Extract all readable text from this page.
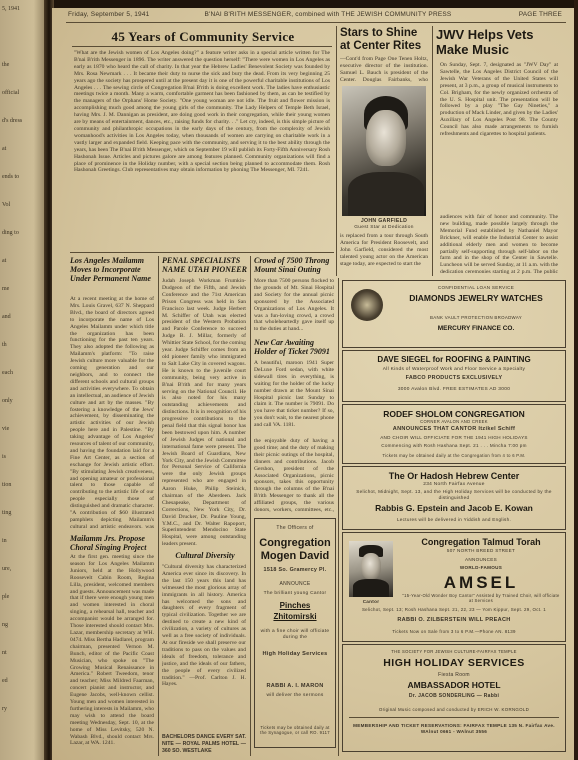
5, 1941
the
official
d's dress
at
ends to
Vol
ding to
at
me
and
th
each
only
vie
is
tion
ting
in
ure,
ple
ng
nt
ed
ry
Friday, September 5, 1941	B'NAI B'RITH MESSENGER, combined with THE JEWISH COMMUNITY PRESS	PAGE THREE
45 Years of Community Service
"What are the Jewish women of Los Angeles doing?" a feature writer asks in a special article written for The B'nai B'rith Messenger in 1896. The writer answered the question herself: "There were women in Los Angeles as early as 1870 who heard the call of charity. In that year the Hebrew Ladies' Benevolent Society was founded by Mrs. Rosa Newmark . . . It became their duty to nurse the sick and bury the dead. From its very beginning 25 years ago the society has prospered until at the present day it is one of the powerful charitable institutions of Los Angeles . . . The sewing circle of Congregation B'nai B'rith is doing excellent work. The ladies have enthusiastic meetings twice a month. Many a warm, comfortable garment has been fashioned by them, as can be testified by the managers of the Orphans' Home Society. "One young woman are not idle. The fruit and flower mission is accomplishing much good among the young girls of the community. The Lady Helpers of Temple Beth Israel, having Mrs. J. M. Dannigan as president, are doing good work in their congregation, while their young women are by means of entertainment, dances, etc., raising funds for charity. . ." Let cry, indeed, is this simple picture of community and philanthropic occupations in the early days of the century, from the complexity of Jewish womanhood's activities in Los Angeles today, when thousands of women are carrying on charitable work in a vastly larger and expanded field. Keeping pace with the community, and serving it to the best ability through the years, has been The B'nai B'rith Messenger, which on September 19 will publish its Forty-Fifth Anniversary Rosh Hashonah Issue. Articles and pictures galore are among features planned. Community organizations will find a place of prominence in the Holiday number, with a special section being planned to accommodate them. Rosh Hashonah Greetings. Club representatives may obtain information by phoning The Messenger, MI. 7241.
Stars to Shine
at Center Rites
—Cont'd from Page One Tenen Holtz, executive director of the institution. Samuel L. Bauch is president of the Center. Douglas Fairbanks, who
JOHN GARFIELD
Guest Star at Dedication
is replaced from a tour through South America for President Roosevelt, and John Garfield, considered the most talented young actor on the American stage today, are expected to start the
JWV Helps Vets
Make Music
On Sunday, Sept. 7, designated as "JWV Day" at Sawtelle, the Los Angeles District Council of the Jewish War Veterans of the United States will present, at 3 p.m., a group of musical instruments to Col. Brigham, for the newly organized orchestra of the U. S. Hospital unit. The presentation will be followed by a play "The Gay Nineties," a production of Mack Linder, and given by the Ladies' Auxiliary of Los Angeles Post 98. The County Council has also made arrangements to furnish refreshments and cigarettes to hospital patients.
audiences with fair of honor and community. The new building, made possible largely through the Memorial Fund established by Nathaniel Mayor Brickner, will enable the Industrial Center to assist additional elderly men and women to become partially self-supporting through self-labor on the farm and in the shop of the Center in Sawtelle. Luncheon will be served Sunday, at 11 a.m. with the dedication ceremonies starting at 2 p.m. The public
Los Angeles Mailamm Moves to Incorporate Under Permanent Name
At a recent meeting at the home of Mrs. Louis Gravel, 637 N. Sheppard Blvd., the board of directors agreed to incorporate the name of Los Angeles Mailamm under which title the organization has been functioning for the past ten years. They also adopted the following as Mailamm's platform: "To raise Jewish culture more valuable for the coming generation and our neighbors, and to connect the different schools and cultural groups and activities everywhere. To obtain an intellectual, an audience of Jewish culture and art by the masses. "By fostering a knowledge of the Jews' achievement, by disseminating the artistic activities of our Jewish people here and in Palestine. "By taking advantage of Los Angeles' resources of talent of our community, and having the foundation laid for a Fine Art Center, as a section of exchange for Jewish artistic effort. "By stimulating Jewish creativeness, and opening amateur or professional talent to those capable of contributing to the artistic life of our people especially those of distinguished and dramatic character. "A contribution of $60 illustrated pamphlets depicting Mailamm's cultural and artistic endeavors, was
Mailamm Jrs. Propose Choral Singing Project
At the first gen. meeting since the season for Los Angeles Mailamm Juniors, held at the Hollywood Roosevelt Cabin Room, Regina Lilla, president, welcomed members and guests. Announcement was made that if there were enough young men and women interested in choral singing, a rehearsal hall, teacher and accompanist would be arranged for. Those interested should contact Mrs. Lazar, membership secretary at WH. 0474. Miss Bertha Hadlarel, program chairman, presented Vernon M. Bunch, editor of the Pacific Coast Musician, who spoke on "The Growing Musical Renaissance in America." Robert Tweedom, tenor and teacher; Miss Mildred Faarman, concert pianist and instructor, and Eugene Jacobs, well-known cellist. Young men and women interested in furthering interests in Mailamm, who may wish to attend the board meeting Wednesday, Sept. 10, at the home of Miss Levitsky, 520 N. Wabash Blvd., should contact Mrs. Lazar, at WA. 1241.
PENAL SPECIALISTS NAME UTAH PIONEER
Judah Joseph Workman Frumkin-Dudgeon of the Fifth, and Jewish Conference and the 71st American Prison Congress was held in San Francisco last week. Judge Herbert M. Schiffer of Utah was elected president of the Western Probation and Parole Conference to succeed Judge B. J. Millar, formerly of Whittier State School, for the coming year. Judge Schiffer comes from an old pioneer family who immigrated to Salt Lake City in covered wagons. He is known to the juvenile court community, being very active in B'nai B'rith and for many years serving on the National Council. He is also noted for his many outstanding achievements and distinctions. It is in recognition of his progressive contributions to the penal field that this signal honor has been bestowed upon him. A number of Jewish Judges of national and international fame were present. The Jewish Board of Guardians, New York City, and the Jewish Committee for Personal Service of California were the only Jewish groups represented who are engaged in
Aaron Huke, Philip Steinick, chairman of the Aberdeen. Jack Chesapeake, Department of Corrections, New York City, Dr. David Drucker, Dr. Pauline Young, Y.M.C., and Dr. Walter Rapoport, Superintendent Mendocino State Hospital, were among outstanding leaders present.
Cultural Diversity
"Cultural diversity has characterized America ever since its discovery. In the last 150 years this land has witnessed the most glorious array of immigrants in all history. America has welcomed the sons and daughters of every fragment of typical civilization. Together we are destined to create a new kind of civilization, a variety of cultures as well as a free society of individuals. At our fireside we shall preserve our traditions to pass on the values and ideals of freedom, tolerance and justice, and the ideals of our fathers, the people of every civilized tradition." —Prof. Carlton J. H. Hayes.
BACHELORS DANCE EVERY SAT. NITE — ROYAL PALMS HOTEL — 360 SO. WESTLAKE
Crowd of 7500 Throng Mount Sinai Outing
More than 7500 persons flocked to the grounds of Mt. Sinai Hospital and Society for the annual picnic sponsored by the Associated Organizations of Los Angeles. It was a fun-loving crowd, a crowd that wholeheartedly gave itself up to the duties at hand...
New Car Awaiting Holder of Ticket 79091
A beautiful, maroon 1941 Super DeLuxe Ford sedan, with white sidewall tires in everything, is waiting for the holder of the lucky number drawn at the Mount Sinai Hospital picnic last Sunday to claim it. The number is 79091. Do you have that ticket number? If so, you don't wait, to the nearest phone and call VA. 1181.
the enjoyable duty of having a good time; and the duty of making their picnic outings of the hospital, dinners and contributions. Jacob Gershon, president of the Associated Organizations, picnic sponsors, takes this opportunity through the columns of the B'nai B'rith Messenger to thank all the affiliated groups, the various donors, workers, committees, etc.,
The Officers of
Congregation
Mogen David
1518 So. Gramercy Pl.
ANNOUNCE
The brilliant young Cantor
Pinches
Zhitomirski
with a fine choir will officiate during the
High Holiday Services
RABBI A. I. MARON
will deliver the sermons
Tickets may be obtained daily at the Synagogue, or call RO. 9117
CONFIDENTIAL LOAN SERVICE
DIAMONDS JEWELRY WATCHES
BANK VAULT PROTECTION BROADWAY
MERCURY FINANCE CO.
DAVE SIEGEL for ROOFING & PAINTING
All Kinds of Waterproof Work and Floor Service a Specialty
FABCO PRODUCTS EXCLUSIVELY
3000 Avalon Blvd. FREE ESTIMATES AD 3000
RODEF SHOLOM CONGREGATION
CORNER AVALON AND CREEK
ANNOUNCES THAT CANTOR Itzikel Schiff
AND CHOIR WILL OFFICIATE FOR THE 1941 HIGH HOLIDAYS
Commencing with Rosh Hashana Sept. 21 . . . Mincha 7:00 pm
Tickets may be obtained daily at the Congregation from 4 to 6 P.M.
The Or Hadosh Hebrew Center
234 North Fairfax Avenue
Selichot, Midnight, Sept. 13, and the High Holiday Services will be conducted by the distinguished
Rabbis G. Epstein and Jacob E. Kowan
Lectures will be delivered in Yiddish and English.
Congregation Talmud Torah
507 NORTH BREED STREET
ANNOUNCES
WORLD-FAMOUS
AMSEL
Cantor
"15-Year-Old Wonder Boy Cantor" Assisted by Trained Choir, will officiate at Services
Selichot, Sept. 13; Rosh Hashana Sept. 21, 22, 23 — Yom Kippur, Sept. 29, Oct. 1
RABBI O. ZILBERSTEIN WILL PREACH
Tickets Now on Sale from 3 to 6 P.M.—Phone AN. 8139
THE SOCIETY FOR JEWISH CULTURE-FAIRFAX TEMPLE
HIGH HOLIDAY SERVICES
Fiesta Room
AMBASSADOR HOTEL
Dr. JACOB SONDERLING — Rabbi
Original Music composed and conducted by ERICH W. KORNGOLD
MEMBERSHIP AND TICKET RESERVATIONS: FAIRFAX TEMPLE 135 N. Fairfax Ave. WAlnut 0661 - WAlnut 3556
